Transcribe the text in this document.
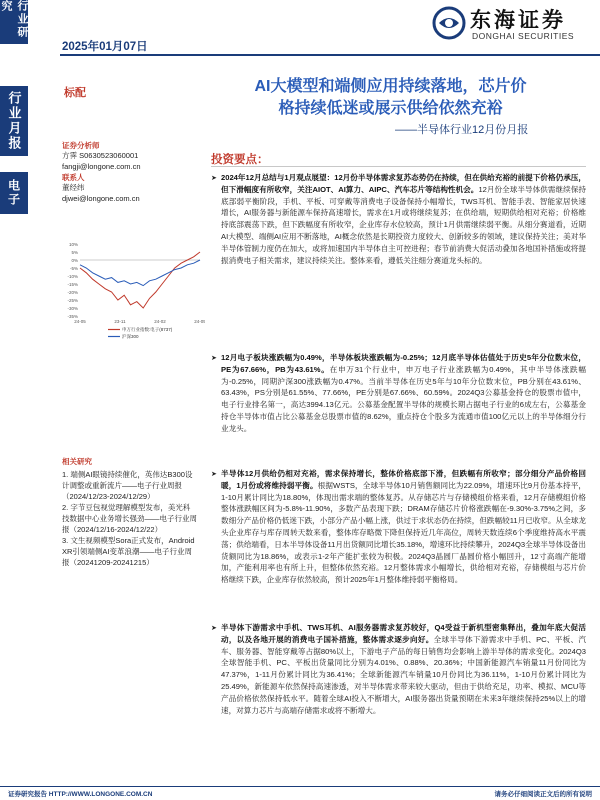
行业研究
行业月报
电子
2025年01月07日
东海证券
DONGHAI SECURITIES
标配	AI大模型和端侧应用持续落地，芯片价
格持续低迷或展示供给依然充裕
——半导体行业12月份月报
证券分析师
方霁 S0630523060001
fangji@longone.com.cn
联系人
董经纬
djwei@longone.com.cn
10%
5%
0%
-5%
-10%
-15%
-20%
-25%
-30%
-35%
24-05	23-11	24-02	24-05
申万行业指数:电子(8737)
沪深300
相关研究
1. 端侧AI眼镜持续催化，英伟达B300设计调整或重新流片——电子行业周报（2024/12/23-2024/12/29）
2. 字节豆包视觉理解模型发布，美光科技数据中心业务增长强劲——电子行业周报（2024/12/16-2024/12/22）
3. 文生视频模型Sora正式发布，Android XR引领端侧AI变革浪潮——电子行业周报（20241209-20241215）
投资要点：
➤ 2024年12月总结与1月观点展望：12月份半导体需求复苏态势仍在持续，但在供给充裕的前提下价格仍承压，但下滑幅度有所收窄，关注AIOT、AI算力、AIPC、汽车芯片等结构性机会。12月份全球半导体供需继续保持底部弱平衡阶段，手机、平板、可穿戴等消费电子设备保持小幅增长，TWS耳机、智能手表、智能家居快速增长，AI服务器与新能源车保持高速增长，需求在1月或将继续复苏；在供给端，短期供给相对充裕；价格维持底部震荡下跌，但下跌幅度有所收窄，企业库存水位较高，预计1月供需继续弱平衡。从细分赛道看，近期AI大模型、端侧AI应用不断落地，AI概念依然是长期投资力度较大、创新较多的领域，建议保持关注；美对华半导体管制力度仍在加大，或将加速国内半导体自主可控进程；春节前消费大促活动叠加各地国补措施或将提振消费电子相关需求，建议持续关注。整体来看，遵低关注细分赛道龙头标的。
➤ 12月电子板块涨跌幅为0.49%，半导体板块涨跌幅为-0.25%；12月底半导体估值处于历史5年分位数末位，PE为67.66%，PB为43.61%。在申万31个行业中，申万电子行业涨跌幅为0.49%，其中半导体涨跌幅为-0.25%，同期沪深300涨跌幅为0.47%。当前半导体在历史5年与10年分位数末位，PB分别在43.61%、63.43%，PS分别是61.55%、77.66%，PE分别是67.66%、60.59%。2024Q3公募基金持仓的股票市值中，电子行业排名第一，高达3994.13亿元。公募基金配置半导体的规模长期占据电子行业的6成左右，公募基金持仓半导体市值占比公募基金总股票市值的8.62%，重点持仓个股多为流通市值100亿元以上的半导体细分行业龙头。
➤ 半导体12月供给仍相对充裕，需求保持增长，整体价格底部下滑，但跌幅有所收窄；部分细分产品价格回暖，1月份或将维持弱平衡。根据WSTS，全球半导体10月销售额同比为22.09%，增速环比9月份基本持平，1-10月累计同比为18.80%，体现出需求端的整体复苏。从存储芯片与存储模组价格来看，12月存储模组价格整体涨跌幅区间为-5.8%-11.90%，多数产品表现下跌；DRAM存储芯片价格涨跌幅在-9.30%-3.75%之间，多数细分产品价格仍低迷下跌，小部分产品小幅上涨，供过于求状态仍在持续，但跌幅较11月已收窄。从全球龙头企业库存与库存周转天数来看，整体库存略微下降但保持近几年高位，周转天数连续6个季度维持高水平震荡；供给端看，日本半导体设备11月出货额同比增长35.18%，增速环比持续攀升，2024Q3全球半导体设备出货额同比为18.86%，或表示1-2年产能扩张较为积极。2024Q3晶圆厂晶圆价格小幅回升，12寸高端产能增加，产能利用率也有所上升，但整体依然充裕。12月整体需求小幅增长，供给相对充裕，存储模组与芯片价格继续下跌，企业库存依然较高，预计2025年1月整体维持弱平衡格局。
➤ 半导体下游需求中手机、TWS耳机、AI服务器需求复苏较好，Q4受益于新机型密集释出，叠加年底大促活动，以及各地开展的消费电子国补措施，整体需求逐步向好。全球半导体下游需求中手机、PC、平板、汽车、服务器、智能穿戴等占据80%以上，下游电子产品的每日销售均会影响上游半导体的需求变化。2024Q3全球智能手机、PC、平板出货量同比分别为4.01%、0.88%、20.36%；中国新能源汽车销量11月份同比为47.37%，1-11月份累计同比为36.41%；全球新能源汽车销量10月份同比为36.11%，1-10月份累计同比为25.49%，新能源车依然保持高速渗透，对半导体需求带来较大驱动，但由于供给充足，功率、模拟、MCU等产品价格依然保持低水平。随着全球AI投入不断增大，AI服务器出货量预期在未来3年继续保持25%以上的增速，对算力芯片与高端存储需求或将不断增大。
证券研究报告 HTTP://WWW.LONGONE.COM.CN	请务必仔细阅读正文后的所有说明
